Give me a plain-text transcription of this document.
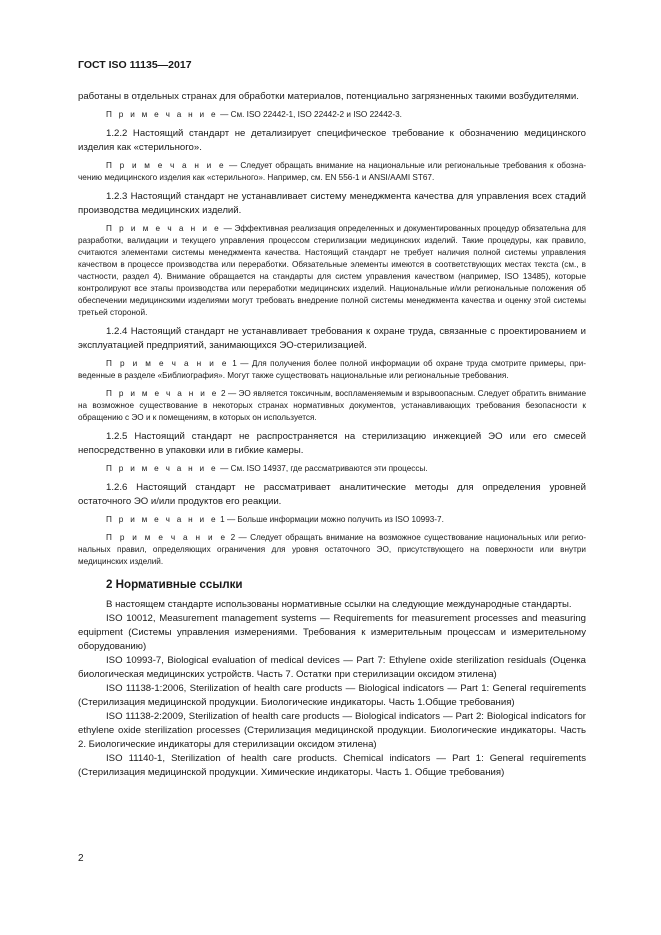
ГОСТ ISO 11135—2017

работаны в отдельных странах для обработки материалов, потенциально загрязненных такими возбудителями.

П р и м е ч а н и е — См. ISO 22442-1, ISO 22442-2 и ISO 22442-3.

1.2.2 Настоящий стандарт не детализирует специфическое требование к обозначению медицинского изделия как «стерильного».

П р и м е ч а н и е — Следует обращать внимание на национальные или региональные требования к обозначению медицинского изделия как «стерильного». Например, см. EN 556-1 и ANSI/AAMI ST67.

1.2.3 Настоящий стандарт не устанавливает систему менеджмента качества для управления всех стадий производства медицинских изделий.

П р и м е ч а н и е — Эффективная реализация определенных и документированных процедур обязательна для разработки, валидации и текущего управления процессом стерилизации медицинских изделий. Такие процедуры, как правило, считаются элементами системы менеджмента качества. Настоящий стандарт не требует наличия полной системы управления качеством в процессе производства или переработки. Обязательные элементы имеются в соответствующих местах текста (см., в частности, раздел 4). Внимание обращается на стандарты для систем управления качеством (например, ISO 13485), которые контролируют все этапы производства или переработки медицинских изделий. Национальные и/или региональные положения об обеспечении медицинскими изделиями могут требовать внедрение полной системы менеджмента качества и оценку этой системы третьей стороной.

1.2.4 Настоящий стандарт не устанавливает требования к охране труда, связанные с проектированием и эксплуатацией предприятий, занимающихся ЭО-стерилизацией.

П р и м е ч а н и е 1 — Для получения более полной информации об охране труда смотрите примеры, приведенные в разделе «Библиография». Могут также существовать национальные или региональные требования.

П р и м е ч а н и е 2 — ЭО является токсичным, воспламеняемым и взрывоопасным. Следует обратить внимание на возможное существование в некоторых странах нормативных документов, устанавливающих требования безопасности к обращению с ЭО и к помещениям, в которых он используется.

1.2.5 Настоящий стандарт не распространяется на стерилизацию инжекцией ЭО или его смесей непосредственно в упаковки или в гибкие камеры.

П р и м е ч а н и е — См. ISO 14937, где рассматриваются эти процессы.

1.2.6 Настоящий стандарт не рассматривает аналитические методы для определения уровней остаточного ЭО и/или продуктов его реакции.

П р и м е ч а н и е 1 — Больше информации можно получить из ISO 10993-7.

П р и м е ч а н и е 2 — Следует обращать внимание на возможное существование национальных или региональных правил, определяющих ограничения для уровня остаточного ЭО, присутствующего на поверхности или внутри медицинских изделий.

2 Нормативные ссылки

В настоящем стандарте использованы нормативные ссылки на следующие международные стандарты.

ISO 10012, Measurement management systems — Requirements for measurement processes and measuring equipment (Системы управления измерениями. Требования к измерительным процессам и измерительному оборудованию)

ISO 10993-7, Biological evaluation of medical devices — Part 7: Ethylene oxide sterilization residuals (Оценка биологическая медицинских устройств. Часть 7. Остатки при стерилизации оксидом этилена)

ISO 11138-1:2006, Sterilization of health care products — Biological indicators — Part 1: General requirements (Стерилизация медицинской продукции. Биологические индикаторы. Часть 1.Общие требования)

ISO 11138-2:2009, Sterilization of health care products — Biological indicators — Part 2: Biological indicators for ethylene oxide sterilization processes (Стерилизация медицинской продукции. Биологические индикаторы. Часть 2. Биологические индикаторы для стерилизации оксидом этилена)

ISO 11140-1, Sterilization of health care products. Chemical indicators — Part 1: General requirements (Стерилизация медицинской продукции. Химические индикаторы. Часть 1. Общие требования)

2
